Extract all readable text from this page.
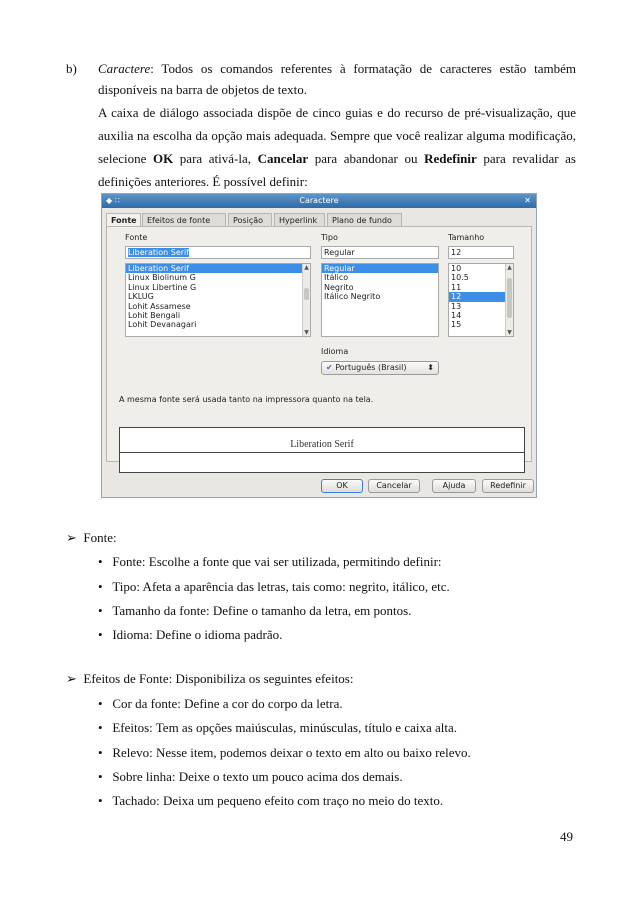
b) Caractere: Todos os comandos referentes à formatação de caracteres estão também
disponíveis na barra de objetos de texto.
A caixa de diálogo associada dispõe de cinco guias e do recurso de pré-visualização, que
auxilia na escolha da opção mais adequada. Sempre que você realizar alguma modificação,
selecione OK para ativá-la, Cancelar para abandonar ou Redefinir para revalidar as
definições anteriores. É possível definir:
◆ ∷	Caractere	✕
Fonte	Efeitos de fonte	Posição	Hyperlink	Plano de fundo
Fonte
Liberation Serif
Liberation Serif
Linux Biolinum G
Linux Libertine G
LKLUG
Lohit Assamese
Lohit Bengali
Lohit Devanagari
▲
▼
Tipo
Regular
Regular
Itálico
Negrito
Itálico Negrito
Tamanho
12
10
10.5
11
12
13
14
15
▲
▼
Idioma
✔ Português (Brasil)	⬍
A mesma fonte será usada tanto na impressora quanto na tela.
Liberation Serif
OK	Cancelar	Ajuda	Redefinir
➢ Fonte:
•   Fonte: Escolhe a fonte que vai ser utilizada, permitindo definir:
•   Tipo: Afeta a aparência das letras, tais como: negrito, itálico, etc.
•   Tamanho da fonte: Define o tamanho da letra, em pontos.
•   Idioma: Define o idioma padrão.
➢ Efeitos de Fonte: Disponibiliza os seguintes efeitos:
•   Cor da fonte: Define a cor do corpo da letra.
•   Efeitos: Tem as opções maiúsculas, minúsculas, título e caixa alta.
•   Relevo: Nesse item, podemos deixar o texto em alto ou baixo relevo.
•   Sobre linha: Deixe o texto um pouco acima dos demais.
•   Tachado: Deixa um pequeno efeito com traço no meio do texto.
49
